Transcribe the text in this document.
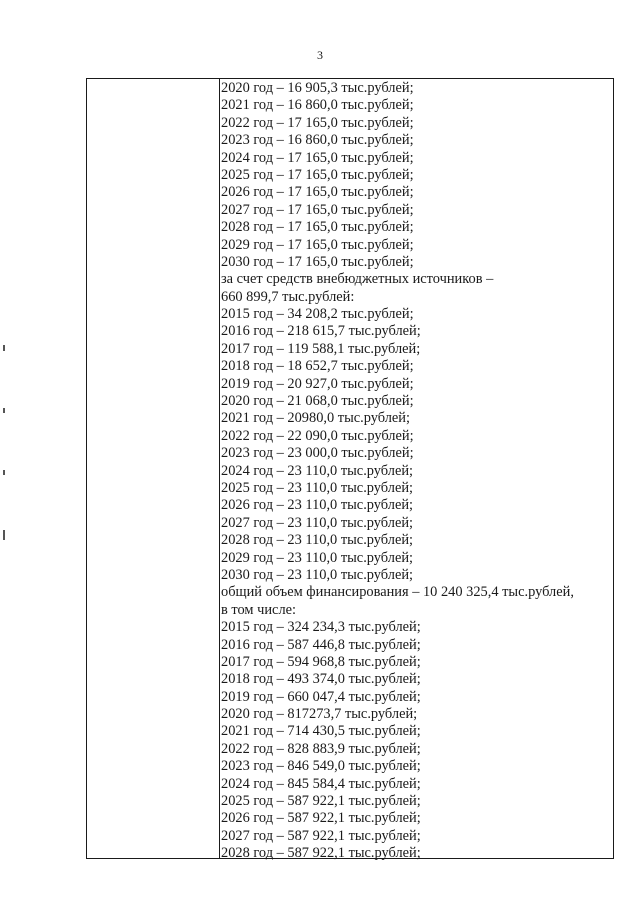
3
2020 год – 16 905,3 тыс.рублей;
2021 год – 16 860,0 тыс.рублей;
2022 год – 17 165,0 тыс.рублей;
2023 год – 16 860,0 тыс.рублей;
2024 год – 17 165,0 тыс.рублей;
2025 год – 17 165,0 тыс.рублей;
2026 год – 17 165,0 тыс.рублей;
2027 год – 17 165,0 тыс.рублей;
2028 год – 17 165,0 тыс.рублей;
2029 год – 17 165,0 тыс.рублей;
2030 год – 17 165,0 тыс.рублей;
за счет средств внебюджетных источников –
660 899,7 тыс.рублей:
2015 год – 34 208,2 тыс.рублей;
2016 год – 218 615,7 тыс.рублей;
2017 год – 119 588,1 тыс.рублей;
2018 год – 18 652,7 тыс.рублей;
2019 год – 20 927,0 тыс.рублей;
2020 год – 21 068,0 тыс.рублей;
2021 год – 20980,0 тыс.рублей;
2022 год – 22 090,0 тыс.рублей;
2023 год – 23 000,0 тыс.рублей;
2024 год – 23 110,0 тыс.рублей;
2025 год – 23 110,0 тыс.рублей;
2026 год – 23 110,0 тыс.рублей;
2027 год – 23 110,0 тыс.рублей;
2028 год – 23 110,0 тыс.рублей;
2029 год – 23 110,0 тыс.рублей;
2030 год – 23 110,0 тыс.рублей;
общий объем финансирования – 10 240 325,4 тыс.рублей,
в том числе:
2015 год – 324 234,3 тыс.рублей;
2016 год – 587 446,8 тыс.рублей;
2017 год – 594 968,8 тыс.рублей;
2018 год – 493 374,0 тыс.рублей;
2019 год – 660 047,4 тыс.рублей;
2020 год – 817273,7 тыс.рублей;
2021 год – 714 430,5 тыс.рублей;
2022 год – 828 883,9 тыс.рублей;
2023 год – 846 549,0 тыс.рублей;
2024 год – 845 584,4 тыс.рублей;
2025 год – 587 922,1 тыс.рублей;
2026 год – 587 922,1 тыс.рублей;
2027 год – 587 922,1 тыс.рублей;
2028 год – 587 922,1 тыс.рублей;
